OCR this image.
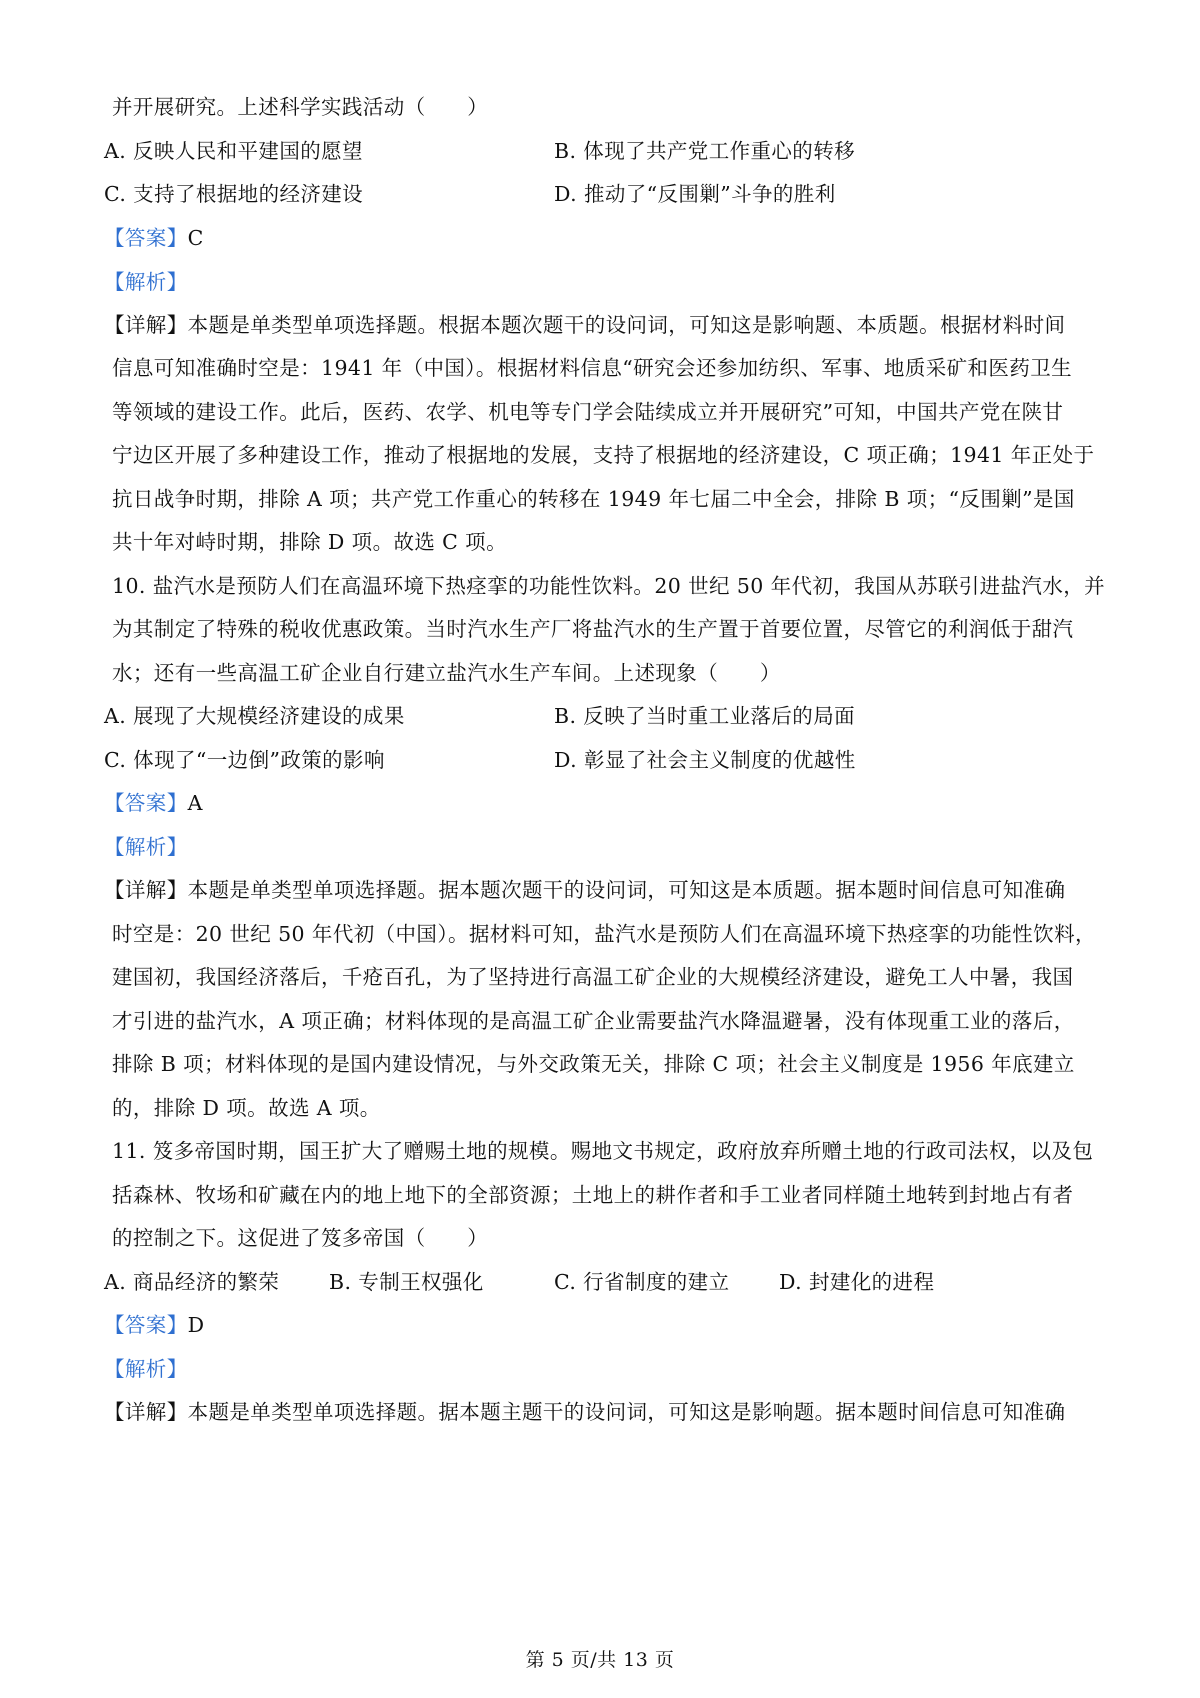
并开展研究。上述科学实践活动（　　）
A. 反映人民和平建国的愿望	B. 体现了共产党工作重心的转移
C. 支持了根据地的经济建设	D. 推动了“反围剿”斗争的胜利
【答案】C
【解析】
【详解】本题是单类型单项选择题。根据本题次题干的设问词，可知这是影响题、本质题。根据材料时间
信息可知准确时空是：1941 年（中国）。根据材料信息“研究会还参加纺织、军事、地质采矿和医药卫生
等领域的建设工作。此后，医药、农学、机电等专门学会陆续成立并开展研究”可知，中国共产党在陕甘
宁边区开展了多种建设工作，推动了根据地的发展，支持了根据地的经济建设，C 项正确；1941 年正处于
抗日战争时期，排除 A 项；共产党工作重心的转移在 1949 年七届二中全会，排除 B 项；“反围剿”是国
共十年对峙时期，排除 D 项。故选 C 项。
10. 盐汽水是预防人们在高温环境下热痉挛的功能性饮料。20 世纪 50 年代初，我国从苏联引进盐汽水，并
为其制定了特殊的税收优惠政策。当时汽水生产厂将盐汽水的生产置于首要位置，尽管它的利润低于甜汽
水；还有一些高温工矿企业自行建立盐汽水生产车间。上述现象（　　）
A. 展现了大规模经济建设的成果	B. 反映了当时重工业落后的局面
C. 体现了“一边倒”政策的影响	D. 彰显了社会主义制度的优越性
【答案】A
【解析】
【详解】本题是单类型单项选择题。据本题次题干的设问词，可知这是本质题。据本题时间信息可知准确
时空是：20 世纪 50 年代初（中国）。据材料可知，盐汽水是预防人们在高温环境下热痉挛的功能性饮料，
建国初，我国经济落后，千疮百孔，为了坚持进行高温工矿企业的大规模经济建设，避免工人中暑，我国
才引进的盐汽水，A 项正确；材料体现的是高温工矿企业需要盐汽水降温避暑，没有体现重工业的落后，
排除 B 项；材料体现的是国内建设情况，与外交政策无关，排除 C 项；社会主义制度是 1956 年底建立
的，排除 D 项。故选 A 项。
11. 笈多帝国时期，国王扩大了赠赐土地的规模。赐地文书规定，政府放弃所赠土地的行政司法权，以及包
括森林、牧场和矿藏在内的地上地下的全部资源；土地上的耕作者和手工业者同样随土地转到封地占有者
的控制之下。这促进了笈多帝国（　　）
A. 商品经济的繁荣 B. 专制王权强化	C. 行省制度的建立 D. 封建化的进程
【答案】D
【解析】
【详解】本题是单类型单项选择题。据本题主题干的设问词，可知这是影响题。据本题时间信息可知准确
第 5 页/共 13 页
